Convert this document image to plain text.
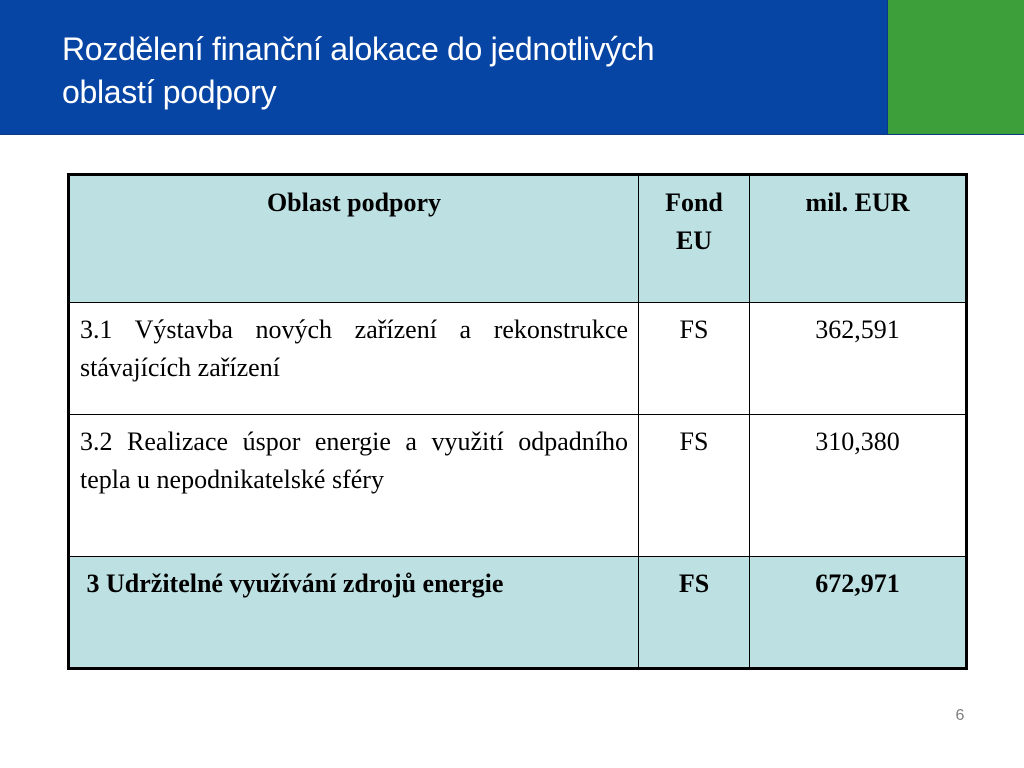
Rozdělení finanční alokace do jednotlivých
oblastí podpory
Oblast podpory	Fond EU	mil. EUR
3.1 Výstavba nových zařízení a rekonstrukce stávajících zařízení	FS	362,591
3.2 Realizace úspor energie a využití odpadního tepla u nepodnikatelské sféry	FS	310,380
3 Udržitelné využívání zdrojů energie	FS	672,971
6
